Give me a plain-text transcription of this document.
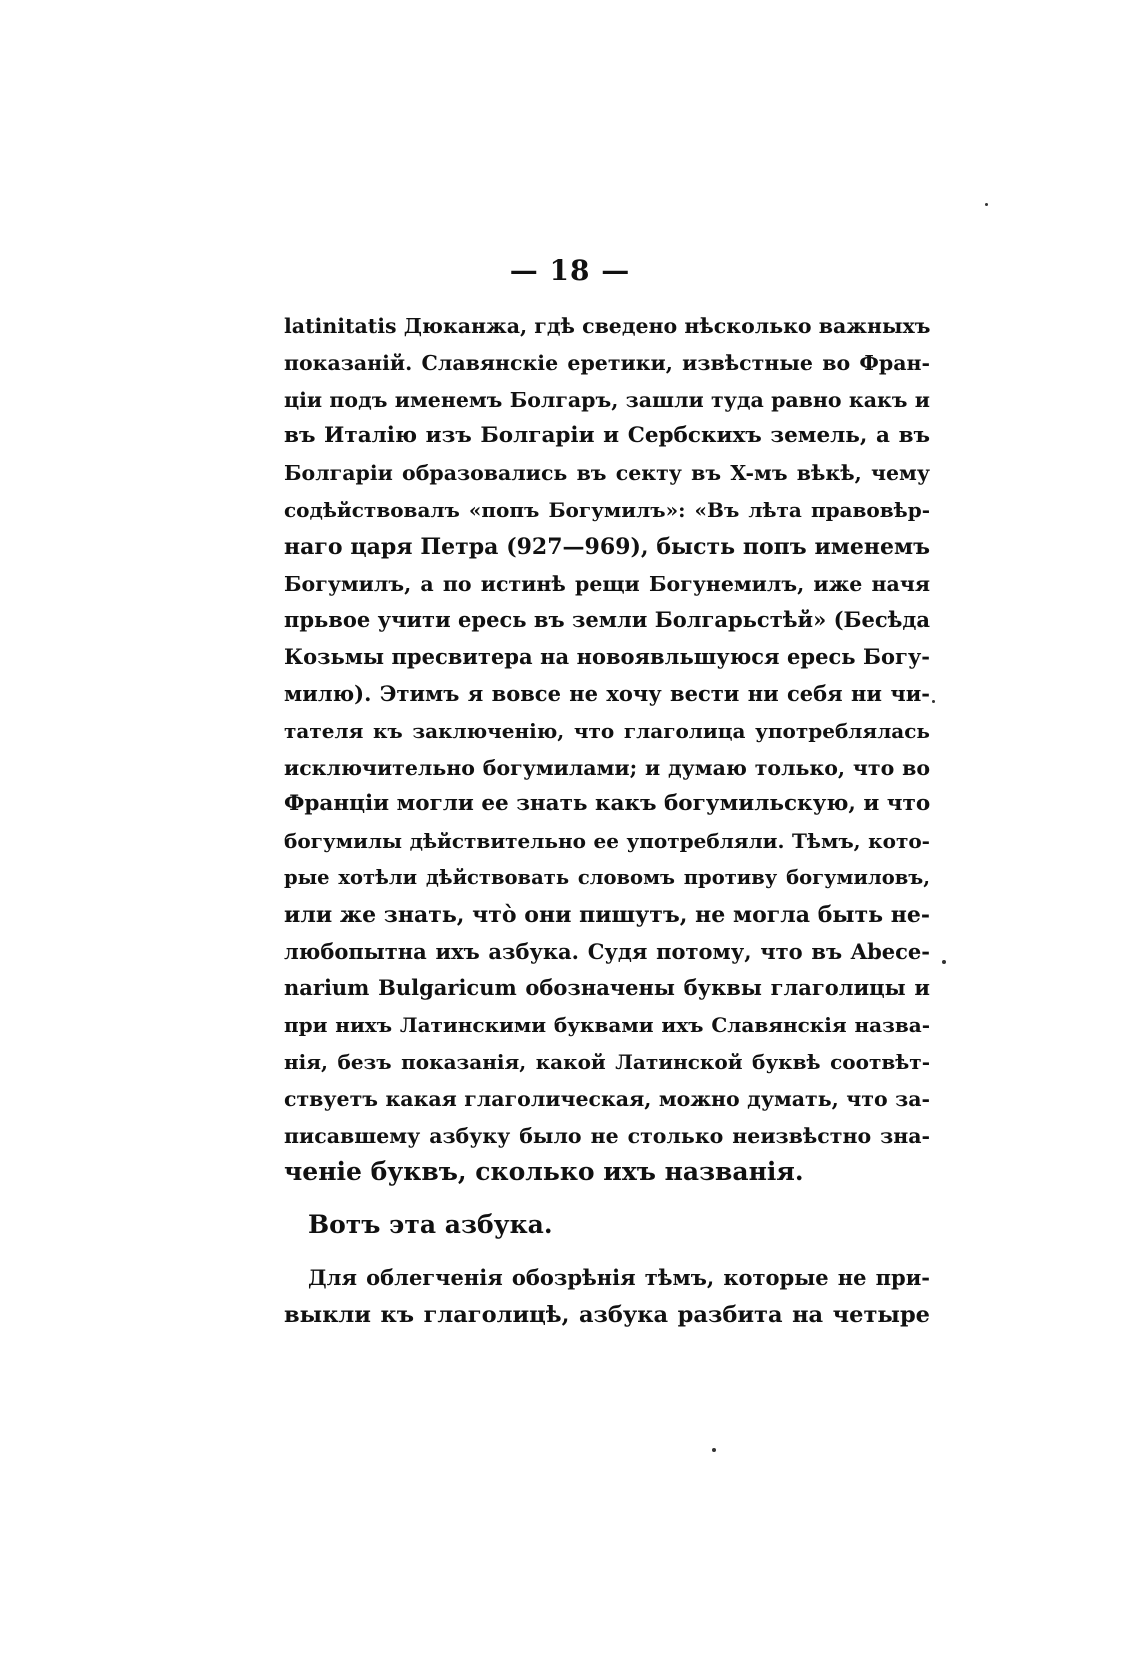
— 18 —
latinitatis Дюканжа, гдѣ сведено нѣсколько важныхъ
показаній. Славянскіе еретики, извѣстные во Фран-
ціи подъ именемъ Болгаръ, зашли туда равно какъ и
въ Италію изъ Болгаріи и Сербскихъ земель, а въ
Болгаріи образовались въ секту въ X-мъ вѣкѣ, чему
содѣйствовалъ «попъ Богумилъ»: «Въ лѣта правовѣр-
наго царя Петра (927—969), бысть попъ именемъ
Богумилъ, а по истинѣ рещи Богунемилъ, иже начя
прьвое учити ересь въ земли Болгарьстѣй» (Бесѣда
Козьмы пресвитера на новоявльшуюся ересь Богу-
милю). Этимъ я вовсе не хочу вести ни себя ни чи-
тателя къ заключенію, что глаголица употреблялась
исключительно богумилами; и думаю только, что во
Франціи могли ее знать какъ богумильскую, и что
богумилы дѣйствительно ее употребляли. Тѣмъ, кото-
рые хотѣли дѣйствовать словомъ противу богумиловъ,
или же знать, что̀ они пишутъ, не могла быть не-
любопытна ихъ азбука. Судя потому, что въ Abece-
narium Bulgaricum обозначены буквы глаголицы и
при нихъ Латинскими буквами ихъ Славянскія назва-
нія, безъ показанія, какой Латинской буквѣ соотвѣт-
ствуетъ какая глаголическая, можно думать, что за-
писавшему азбуку было не столько неизвѣстно зна-
ченіе буквъ, сколько ихъ названія.
Вотъ эта азбука.
Для облегченія обозрѣнія тѣмъ, которые не при-
выкли къ глаголицѣ, азбука разбита на четыре
